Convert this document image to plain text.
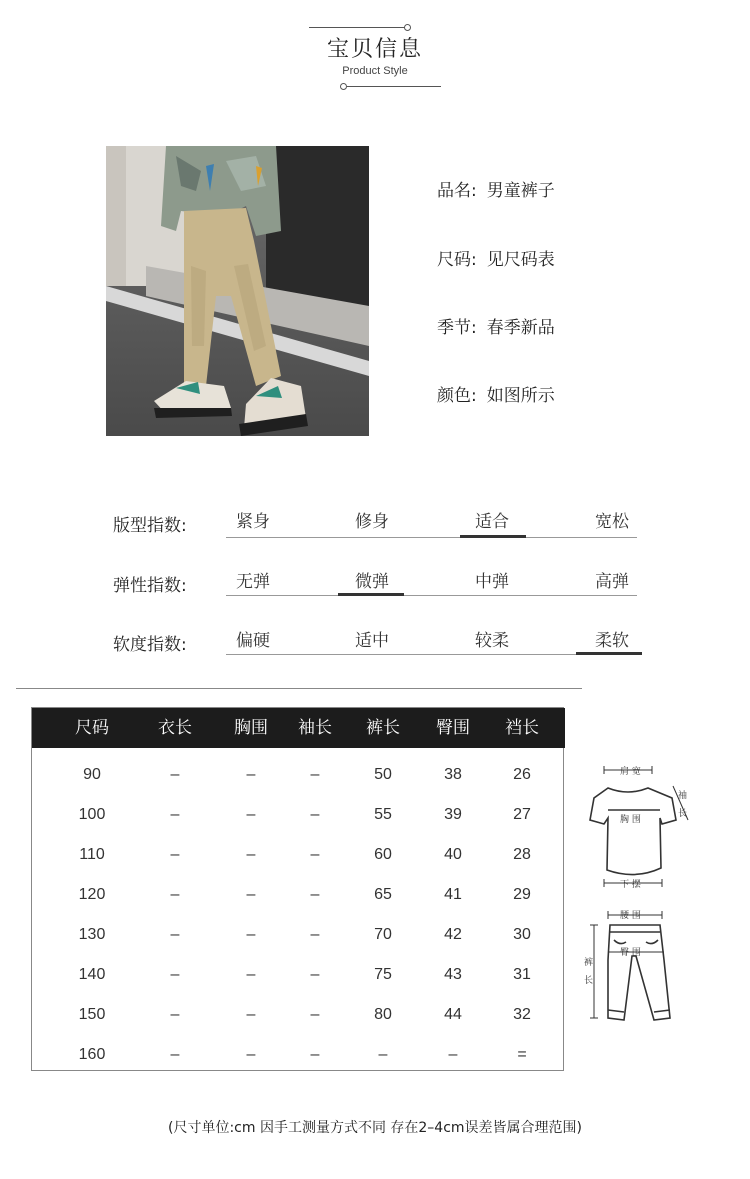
宝贝信息
Product Style
品名: 男童裤子
尺码: 见尺码表
季节: 春季新品
颜色: 如图所示
版型指数:	紧身	修身	适合	宽松
弹性指数:	无弹	微弹	中弹	高弹
软度指数:	偏硬	适中	较柔	柔软
尺码	衣长	胸围	袖长	裤长	臀围	裆长
90	–	–	–	50	38	26
100	–	–	–	55	39	27
110	–	–	–	60	40	28
120	–	–	–	65	41	29
130	–	–	–	70	42	30
140	–	–	–	75	43	31
150	–	–	–	80	44	32
160	–	–	–	–	–	=
肩 宽
袖
长
胸 围
下 摆
腰 围
臀 围
裤
长
(尺寸单位:cm 因手工测量方式不同 存在2–4cm误差皆属合理范围)
